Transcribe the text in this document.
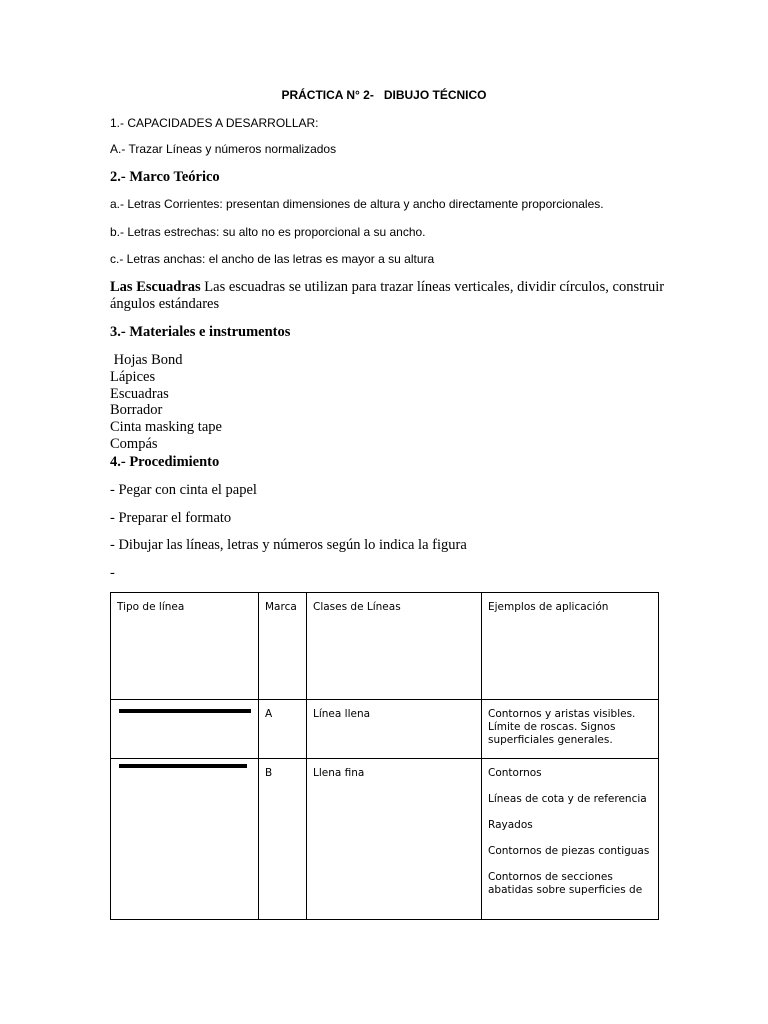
PRÁCTICA N° 2- DIBUJO TÉCNICO
1.- CAPACIDADES A DESARROLLAR:
A.- Trazar Líneas y números normalizados
2.- Marco Teórico
a.- Letras Corrientes: presentan dimensiones de altura y ancho directamente proporcionales.
b.- Letras estrechas: su alto no es proporcional a su ancho.
c.- Letras anchas: el ancho de las letras es mayor a su altura
Las Escuadras Las escuadras se utilizan para trazar líneas verticales, dividir círculos, construir ángulos estándares
3.- Materiales e instrumentos
Hojas Bond
Lápices
Escuadras
Borrador
Cinta masking tape
Compás
4.- Procedimiento
- Pegar con cinta el papel
- Preparar el formato
- Dibujar las líneas, letras y números según lo indica la figura
-
Tipo de línea	Marca	Clases de Líneas	Ejemplos de aplicación

	A	Línea llena	Contornos y aristas visibles. Límite de roscas. Signos superficiales generales.

	B	Llena fina	Contornos
Líneas de cota y de referencia
Rayados
Contornos de piezas contiguas
Contornos de secciones abatidas sobre superficies de
